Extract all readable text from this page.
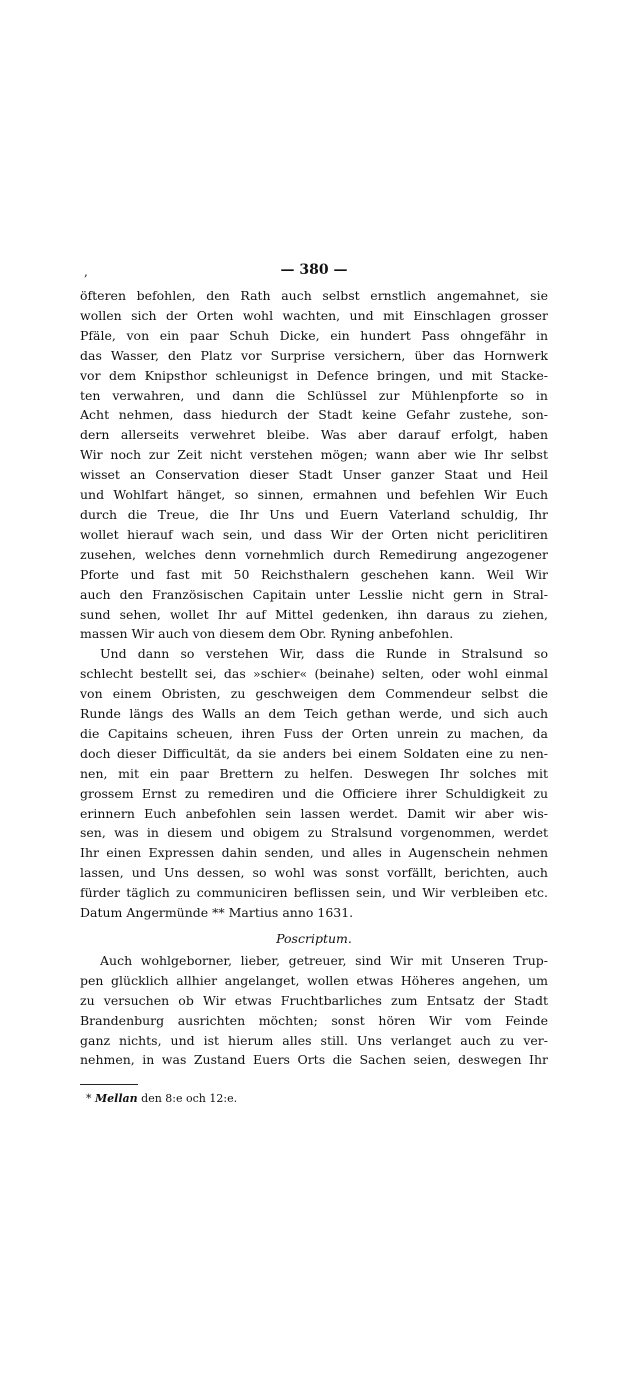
,	— 380 —
öfteren befohlen, den Rath auch selbst ernstlich angemahnet, sie
wollen sich der Orten wohl wachten, und mit Einschlagen grosser
Pfäle, von ein paar Schuh Dicke, ein hundert Pass ohngefähr in
das Wasser, den Platz vor Surprise versichern, über das Hornwerk
vor dem Knipsthor schleunigst in Defence bringen, und mit Stacke-
ten verwahren, und dann die Schlüssel zur Mühlenpforte so in
Acht nehmen, dass hiedurch der Stadt keine Gefahr zustehe, son-
dern allerseits verwehret bleibe. Was aber darauf erfolgt, haben
Wir noch zur Zeit nicht verstehen mögen; wann aber wie Ihr selbst
wisset an Conservation dieser Stadt Unser ganzer Staat und Heil
und Wohlfart hänget, so sinnen, ermahnen und befehlen Wir Euch
durch die Treue, die Ihr Uns und Euern Vaterland schuldig, Ihr
wollet hierauf wach sein, und dass Wir der Orten nicht periclitiren
zusehen, welches denn vornehmlich durch Remedirung angezogener
Pforte und fast mit 50 Reichsthalern geschehen kann. Weil Wir
auch den Französischen Capitain unter Lesslie nicht gern in Stral-
sund sehen, wollet Ihr auf Mittel gedenken, ihn daraus zu ziehen,
massen Wir auch von diesem dem Obr. Ryning anbefohlen.
Und dann so verstehen Wir, dass die Runde in Stralsund so
schlecht bestellt sei, das »schier« (beinahe) selten, oder wohl einmal
von einem Obristen, zu geschweigen dem Commendeur selbst die
Runde längs des Walls an dem Teich gethan werde, und sich auch
die Capitains scheuen, ihren Fuss der Orten unrein zu machen, da
doch dieser Difficultät, da sie anders bei einem Soldaten eine zu nen-
nen, mit ein paar Brettern zu helfen. Deswegen Ihr solches mit
grossem Ernst zu remediren und die Officiere ihrer Schuldigkeit zu
erinnern Euch anbefohlen sein lassen werdet. Damit wir aber wis-
sen, was in diesem und obigem zu Stralsund vorgenommen, werdet
Ihr einen Expressen dahin senden, und alles in Augenschein nehmen
lassen, und Uns dessen, so wohl was sonst vorfällt, berichten, auch
fürder täglich zu communiciren beflissen sein, und Wir verbleiben etc.
Datum Angermünde ** Martius anno 1631.
Poscriptum.
Auch wohlgeborner, lieber, getreuer, sind Wir mit Unseren Trup-
pen glücklich allhier angelanget, wollen etwas Höheres angehen, um
zu versuchen ob Wir etwas Fruchtbarliches zum Entsatz der Stadt
Brandenburg ausrichten möchten; sonst hören Wir vom Feinde
ganz nichts, und ist hierum alles still. Uns verlanget auch zu ver-
nehmen, in was Zustand Euers Orts die Sachen seien, deswegen Ihr
* Mellan den 8:e och 12:e.
